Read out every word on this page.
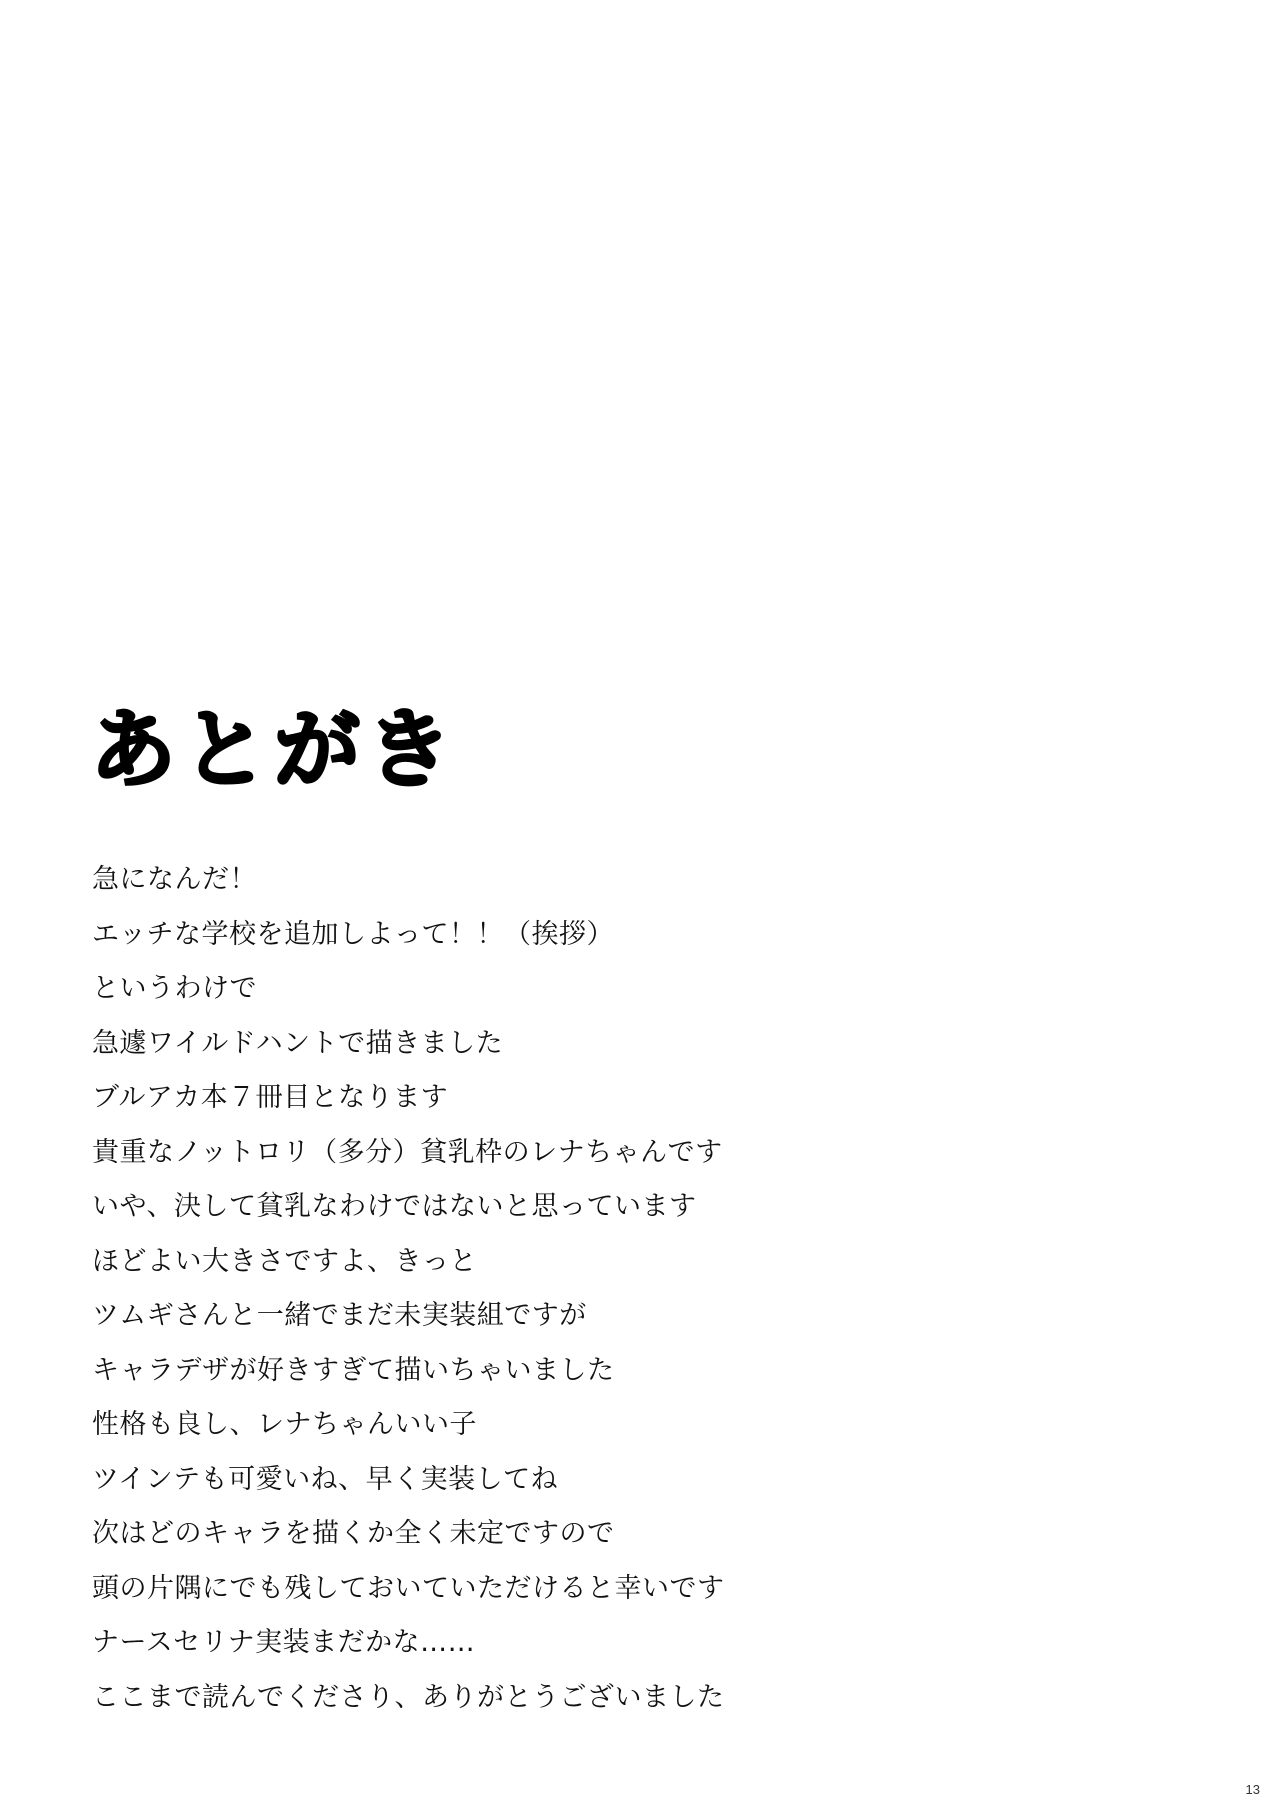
あとがき
急になんだ！
エッチな学校を追加しよって！！（挨拶）
というわけで
急遽ワイルドハントで描きました
ブルアカ本７冊目となります
貴重なノットロリ（多分）貧乳枠のレナちゃんです
いや、決して貧乳なわけではないと思っています
ほどよい大きさですよ、きっと
ツムギさんと一緒でまだ未実装組ですが
キャラデザが好きすぎて描いちゃいました
性格も良し、レナちゃんいい子
ツインテも可愛いね、早く実装してね
次はどのキャラを描くか全く未定ですので
頭の片隅にでも残しておいていただけると幸いです
ナースセリナ実装まだかな……
ここまで読んでくださり、ありがとうございました
13
